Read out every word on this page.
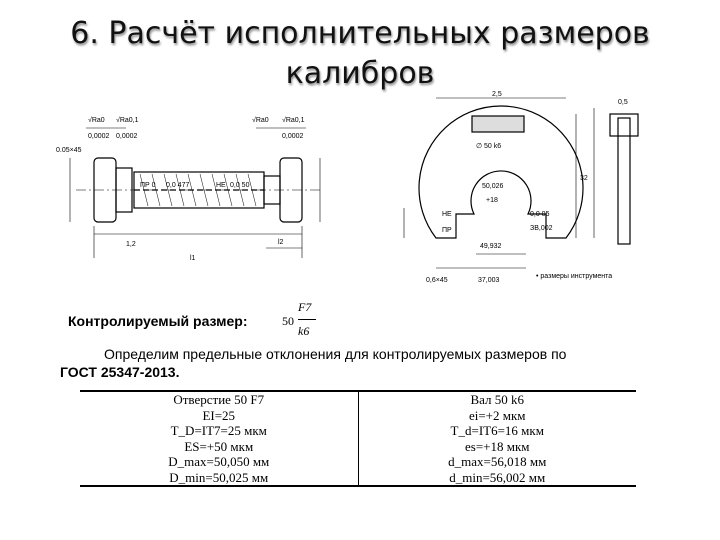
6. Расчёт исполнительных размеров
калибров
√Ra0
0,0002
√Ra0,1
0,0002
ПР 0 0,0 477	НЕ 0,0 50
√Ra0 √Ra0,1
0,0002
0.05×45
1,2	l2
l1
2,5
∅ 50 k6
НЕ
ПР
50,026
0,0 05
+18
ЗВ,002
49,932
0,6×45	37,003
• размеры инструмента
32
0,5
Контролируемый размер:	50
F7
k6
Определим предельные отклонения для контролируемых размеров по
ГОСТ 25347-2013.
Отверстие 50 F7
EI=25
T_D=IT7=25 мкм
ES=+50 мкм
D_max=50,050 мм
D_min=50,025 мм

Вал 50 k6
ei=+2 мкм
T_d=IT6=16 мкм
es=+18 мкм
d_max=56,018 мм
d_min=56,002 мм
